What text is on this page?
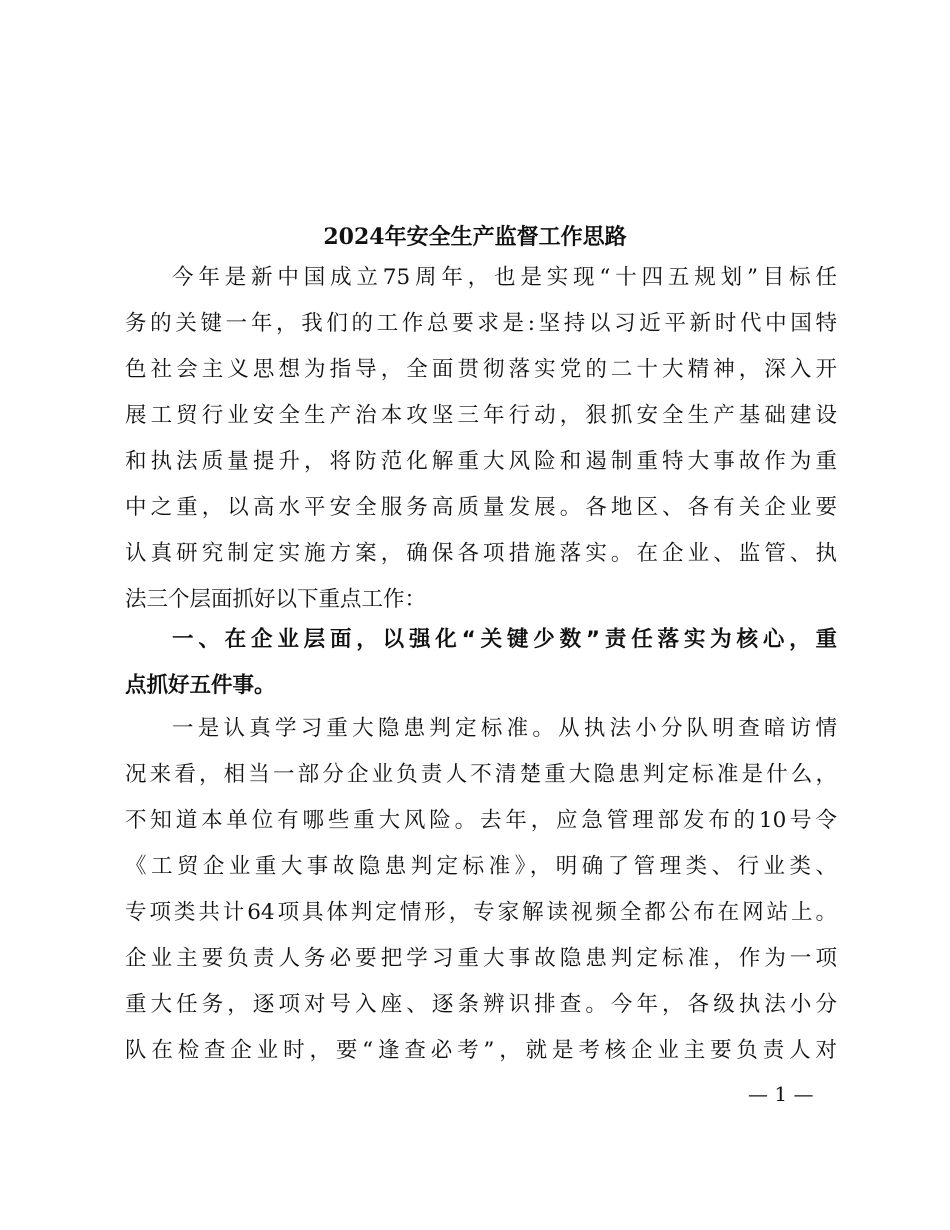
2024年安全生产监督工作思路
今年是新中国成立75周年，也是实现“十四五规划”目标任
务的关键一年，我们的工作总要求是:坚持以习近平新时代中国特
色社会主义思想为指导，全面贯彻落实党的二十大精神，深入开
展工贸行业安全生产治本攻坚三年行动，狠抓安全生产基础建设
和执法质量提升，将防范化解重大风险和遏制重特大事故作为重
中之重，以高水平安全服务高质量发展。各地区、各有关企业要
认真研究制定实施方案，确保各项措施落实。在企业、监管、执
法三个层面抓好以下重点工作：
一、在企业层面，以强化“关键少数”责任落实为核心，重
点抓好五件事。
一是认真学习重大隐患判定标准。从执法小分队明查暗访情
况来看，相当一部分企业负责人不清楚重大隐患判定标准是什么，
不知道本单位有哪些重大风险。去年，应急管理部发布的10号令
《工贸企业重大事故隐患判定标准》，明确了管理类、行业类、
专项类共计64项具体判定情形，专家解读视频全都公布在网站上。
企业主要负责人务必要把学习重大事故隐患判定标准，作为一项
重大任务，逐项对号入座、逐条辨识排查。今年，各级执法小分
队在检查企业时，要“逢查必考”，就是考核企业主要负责人对
— 1 —
